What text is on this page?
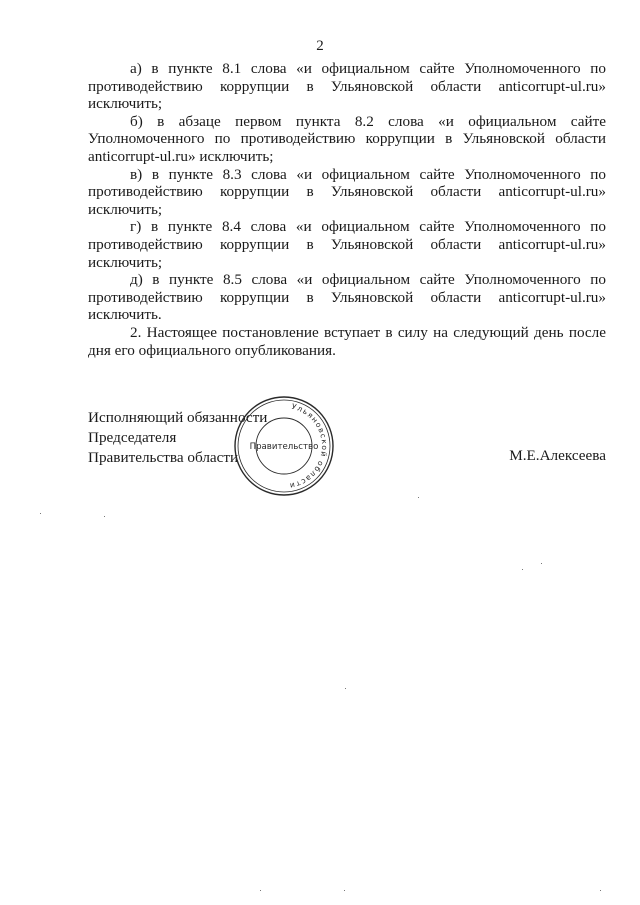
2

а) в пункте 8.1 слова «и официальном сайте Уполномоченного по противодействию коррупции в Ульяновской области anticorrupt-ul.ru» исключить;

б) в абзаце первом пункта 8.2 слова «и официальном сайте Уполномоченного по противодействию коррупции в Ульяновской области anticorrupt-ul.ru» исключить;

в) в пункте 8.3 слова «и официальном сайте Уполномоченного по противодействию коррупции в Ульяновской области anticorrupt-ul.ru» исключить;

г) в пункте 8.4 слова «и официальном сайте Уполномоченного по противодействию коррупции в Ульяновской области anticorrupt-ul.ru» исключить;

д) в пункте 8.5 слова «и официальном сайте Уполномоченного по противодействию коррупции в Ульяновской области anticorrupt-ul.ru» исключить.

2. Настоящее постановление вступает в силу на следующий день после дня его официального опубликования.

Исполняющий обязанности
Председателя
Правительства области	М.Е.Алексеева
Ульяновской области
Правительство
